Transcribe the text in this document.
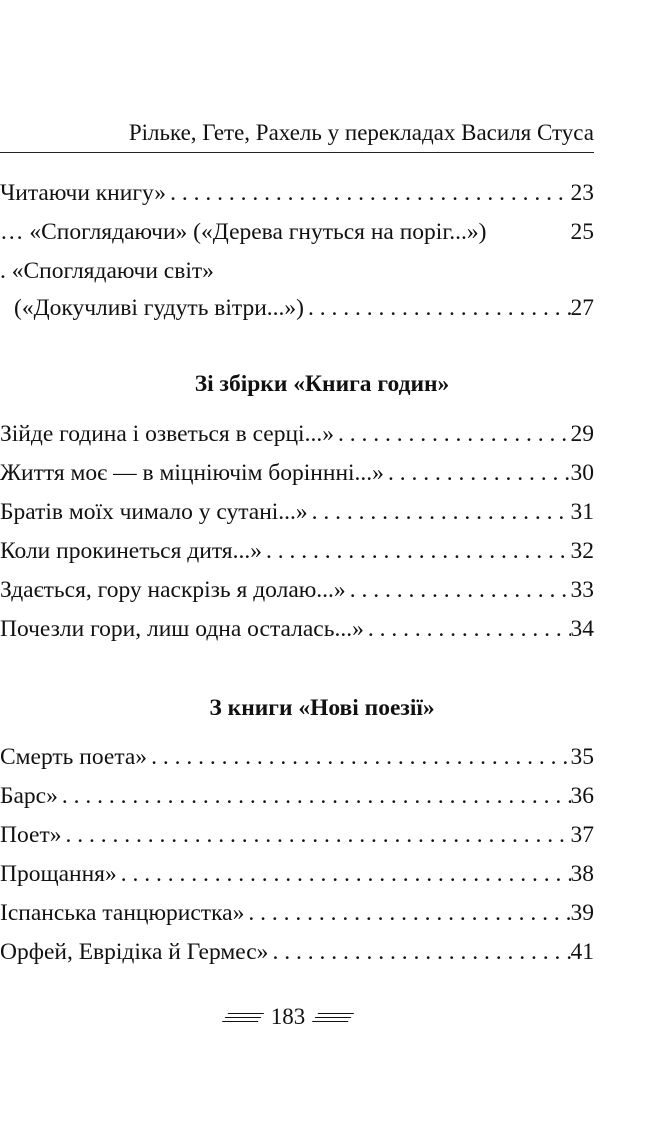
Рільке, Гете, Рахель у перекладах Василя Стуса
Читаючи книгу» . . .	23
… «Споглядаючи» («Дерева гнуться на поріг...»)	25
. «Споглядаючи світ»
(«Докучливі гудуть вітри...») . . .	27
Зі збірки «Книга годин»
Зійде година і озветься в серці...» . . .	29
Життя моє — в міцніючім боріннні...» . . .	30
Братів моїх чимало у сутані...» . . .	31
Коли прокинеться дитя...» . . .	32
Здається, гору наскрізь я долаю...» . . .	33
Почезли гори, лиш одна осталась...» . . .	34
З книги «Нові поезії»
Смерть поета» . . .	35
Барс» . . .	36
Поет» . . .	37
Прощання» . . .	38
Іспанська танцюристка» . . .	39
Орфей, Еврідіка й Гермес» . . .	41
183
